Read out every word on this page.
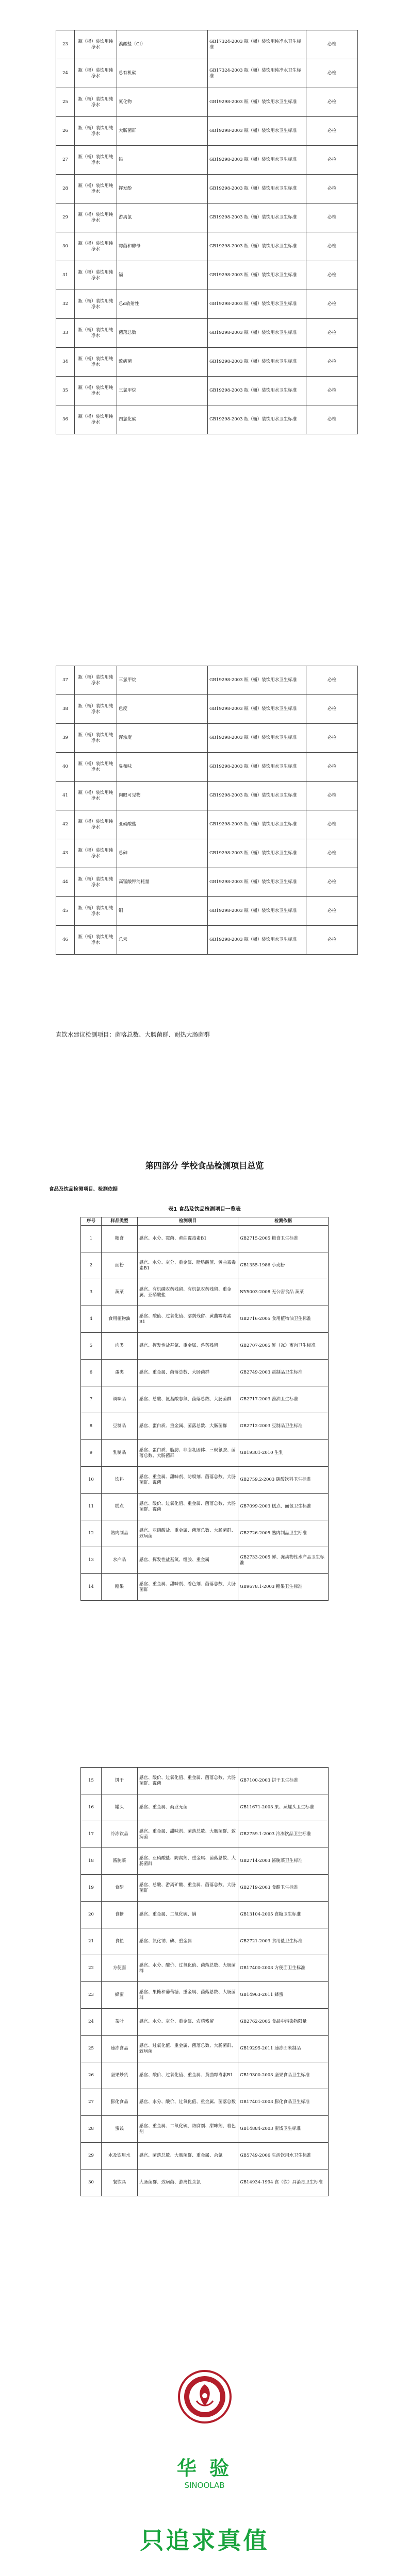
23	瓶（桶）装饮用纯净水	溴酸盐（Cl）	GB17324-2003 瓶（桶）装饮用纯净水卫生标准	必检
24	瓶（桶）装饮用纯净水	总有机碳	GB17324-2003 瓶（桶）装饮用纯净水卫生标准	必检
25	瓶（桶）装饮用纯净水	氰化物	GB19298-2003 瓶（桶）装饮用水卫生标准	必检
26	瓶（桶）装饮用纯净水	大肠菌群	GB19298-2003 瓶（桶）装饮用水卫生标准	必检
27	瓶（桶）装饮用纯净水	铅	GB19298-2003 瓶（桶）装饮用水卫生标准	必检
28	瓶（桶）装饮用纯净水	挥发酚	GB19298-2003 瓶（桶）装饮用水卫生标准	必检
29	瓶（桶）装饮用纯净水	游离氯	GB19298-2003 瓶（桶）装饮用水卫生标准	必检
30	瓶（桶）装饮用纯净水	霉菌和酵母	GB19298-2003 瓶（桶）装饮用水卫生标准	必检
31	瓶（桶）装饮用纯净水	镉	GB19298-2003 瓶（桶）装饮用水卫生标准	必检
32	瓶（桶）装饮用纯净水	总α放射性	GB19298-2003 瓶（桶）装饮用水卫生标准	必检
33	瓶（桶）装饮用纯净水	菌落总数	GB19298-2003 瓶（桶）装饮用水卫生标准	必检
34	瓶（桶）装饮用纯净水	致病菌	GB19298-2003 瓶（桶）装饮用水卫生标准	必检
35	瓶（桶）装饮用纯净水	三氯甲烷	GB19298-2003 瓶（桶）装饮用水卫生标准	必检
36	瓶（桶）装饮用纯净水	四氯化碳	GB19298-2003 瓶（桶）装饮用水卫生标准	必检
37	瓶（桶）装饮用纯净水	三氯甲烷	GB19298-2003 瓶（桶）装饮用水卫生标准	必检
38	瓶（桶）装饮用纯净水	色度	GB19298-2003 瓶（桶）装饮用水卫生标准	必检
39	瓶（桶）装饮用纯净水	浑浊度	GB19298-2003 瓶（桶）装饮用水卫生标准	必检
40	瓶（桶）装饮用纯净水	臭和味	GB19298-2003 瓶（桶）装饮用水卫生标准	必检
41	瓶（桶）装饮用纯净水	肉眼可见物	GB19298-2003 瓶（桶）装饮用水卫生标准	必检
42	瓶（桶）装饮用纯净水	亚硝酸盐	GB19298-2003 瓶（桶）装饮用水卫生标准	必检
43	瓶（桶）装饮用纯净水	总砷	GB19298-2003 瓶（桶）装饮用水卫生标准	必检
44	瓶（桶）装饮用纯净水	高锰酸钾消耗量	GB19298-2003 瓶（桶）装饮用水卫生标准	必检
45	瓶（桶）装饮用纯净水	铜	GB19298-2003 瓶（桶）装饮用水卫生标准	必检
46	瓶（桶）装饮用纯净水	总汞	GB19298-2003 瓶（桶）装饮用水卫生标准	必检
直饮水建议检测项目：菌落总数、大肠菌群、耐热大肠菌群
第四部分 学校食品检测项目总览
食品及饮品检测项目、检测依据
表1 食品及饮品检测项目一览表
序号	样品类型	检测项目	检测依据
1	粮食	感官、水分、霉菌、黄曲霉毒素B1	GB2715-2005 粮食卫生标准
2	面粉	感官、水分、灰分、重金属、脂肪酸值、黄曲霉毒素B1	GB1355-1986 小麦粉
3	蔬菜	感官、有机磷农药残留、有机氯农药残留、重金属、亚硝酸盐	NY5003-2008 无公害食品 蔬菜
4	食用植物油	感官、酸值、过氧化值、溶剂残留、黄曲霉毒素B1	GB2716-2005 食用植物油卫生标准
5	肉类	感官、挥发性盐基氮、重金属、兽药残留	GB2707-2005 鲜（冻）畜肉卫生标准
6	蛋类	感官、重金属、菌落总数、大肠菌群	GB2749-2003 蛋制品卫生标准
7	调味品	感官、总酸、氨基酸态氮、菌落总数、大肠菌群	GB2717-2003 酱油卫生标准
8	豆制品	感官、蛋白质、重金属、菌落总数、大肠菌群	GB2712-2003 豆制品卫生标准
9	乳制品	感官、蛋白质、脂肪、非脂乳固体、三聚氰胺、菌落总数、大肠菌群	GB19301-2010 生乳
10	饮料	感官、重金属、甜味剂、防腐剂、菌落总数、大肠菌群、霉菌	GB2759.2-2003 碳酸饮料卫生标准
11	糕点	感官、酸价、过氧化值、重金属、菌落总数、大肠菌群、霉菌	GB7099-2003 糕点、面包卫生标准
12	熟肉制品	感官、亚硝酸盐、重金属、菌落总数、大肠菌群、致病菌	GB2726-2005 熟肉制品卫生标准
13	水产品	感官、挥发性盐基氮、组胺、重金属	GB2733-2005 鲜、冻动物性水产品卫生标准
14	糖果	感官、重金属、甜味剂、着色剂、菌落总数、大肠菌群	GB9678.1-2003 糖果卫生标准
15	饼干	感官、酸价、过氧化值、重金属、菌落总数、大肠菌群、霉菌	GB7100-2003 饼干卫生标准
16	罐头	感官、重金属、商业无菌	GB11671-2003 果、蔬罐头卫生标准
17	冷冻饮品	感官、重金属、甜味剂、菌落总数、大肠菌群、致病菌	GB2759.1-2003 冷冻饮品卫生标准
18	酱腌菜	感官、亚硝酸盐、防腐剂、重金属、菌落总数、大肠菌群	GB2714-2003 酱腌菜卫生标准
19	食醋	感官、总酸、游离矿酸、重金属、菌落总数、大肠菌群	GB2719-2003 食醋卫生标准
20	食糖	感官、重金属、二氧化硫、螨	GB13104-2005 食糖卫生标准
21	食盐	感官、氯化钠、碘、重金属	GB2721-2003 食用盐卫生标准
22	方便面	感官、水分、酸价、过氧化值、菌落总数、大肠菌群	GB17400-2003 方便面卫生标准
23	蜂蜜	感官、果糖和葡萄糖、重金属、菌落总数、大肠菌群	GB14963-2011 蜂蜜
24	茶叶	感官、水分、灰分、重金属、农药残留	GB2762-2005 食品中污染物限量
25	速冻食品	感官、过氧化值、重金属、菌落总数、大肠菌群、致病菌	GB19295-2011 速冻面米制品
26	坚果炒货	感官、酸价、过氧化值、重金属、黄曲霉毒素B1	GB19300-2003 坚果食品卫生标准
27	膨化食品	感官、水分、酸价、过氧化值、重金属、菌落总数	GB17401-2003 膨化食品卫生标准
28	蜜饯	感官、重金属、二氧化硫、防腐剂、甜味剂、着色剂	GB14884-2003 蜜饯卫生标准
29	水及饮用水	感官、菌落总数、大肠菌群、重金属、余氯	GB5749-2006 生活饮用水卫生标准
30	餐饮具	大肠菌群、致病菌、游离性余氯	GB14934-1994 食（饮）具消毒卫生标准
华 验
SINOOLAB
只追求真值
